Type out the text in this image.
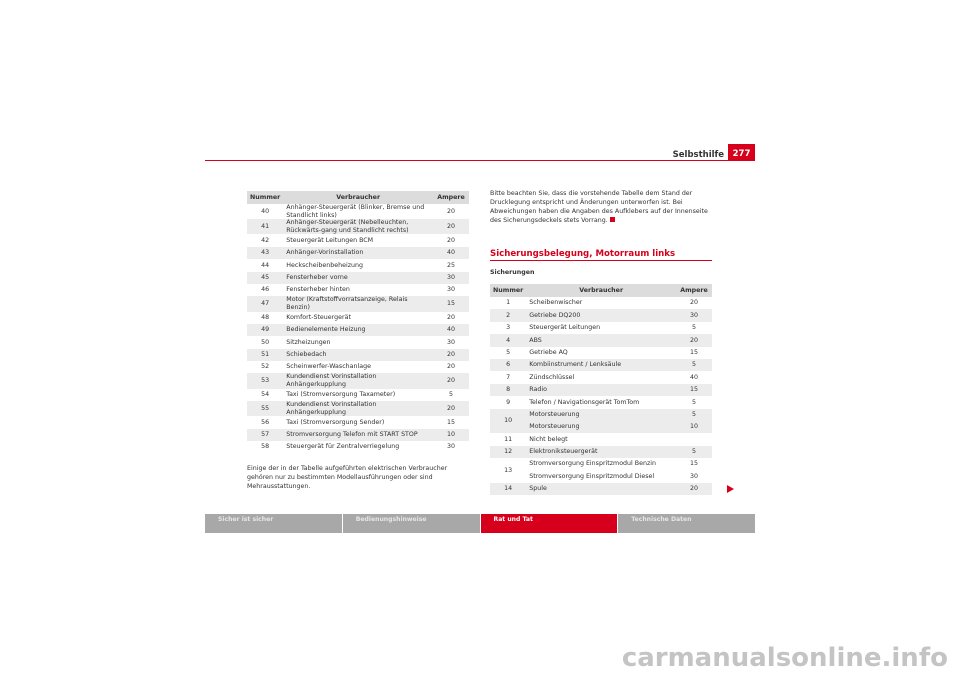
Selbsthilfe	277
Nummer	Verbraucher	Ampere
40	Anhänger-Steuergerät (Blinker, Bremse und Standlicht links)	20
41	Anhänger-Steuergerät (Nebelleuchten, Rückwärts-gang und Standlicht rechts)	20
42	Steuergerät Leitungen BCM	20
43	Anhänger-Vorinstallation	40
44	Heckscheibenbeheizung	25
45	Fensterheber vorne	30
46	Fensterheber hinten	30
47	Motor (Kraftstoffvorratsanzeige, Relais Benzin)	15
48	Komfort-Steuergerät	20
49	Bedienelemente Heizung	40
50	Sitzheizungen	30
51	Schiebedach	20
52	Scheinwerfer-Waschanlage	20
53	Kundendienst Vorinstallation Anhängerkupplung	20
54	Taxi (Stromversorgung Taxameter)	5
55	Kundendienst Vorinstallation Anhängerkupplung	20
56	Taxi (Stromversorgung Sender)	15
57	Stromversorgung Telefon mit START STOP	10
58	Steuergerät für Zentralverriegelung	30
Einige der in der Tabelle aufgeführten elektrischen Verbraucher gehören nur zu bestimmten Modellausführungen oder sind Mehrausstattungen.
Bitte beachten Sie, dass die vorstehende Tabelle dem Stand der Drucklegung entspricht und Änderungen unterworfen ist. Bei Abweichungen haben die Angaben des Aufklebers auf der Innenseite des Sicherungsdeckels stets Vorrang.
Sicherungsbelegung, Motorraum links
Sicherungen
Nummer	Verbraucher	Ampere
1	Scheibenwischer	20
2	Getriebe DQ200	30
3	Steuergerät Leitungen	5
4	ABS	20
5	Getriebe AQ	15
6	Kombiinstrument / Lenksäule	5
7	Zündschlüssel	40
8	Radio	15
9	Telefon / Navigationsgerät TomTom	5
10	Motorsteuerung	5
	Motorsteuerung	10
11	Nicht belegt	
12	Elektroniksteuergerät	5
13	Stromversorgung Einspritzmodul Benzin	15
	Stromversorgung Einspritzmodul Diesel	30
14	Spule	20
Sicher ist sicher	Bedienungshinweise	Rat und Tat	Technische Daten
carmanualsonline.info
